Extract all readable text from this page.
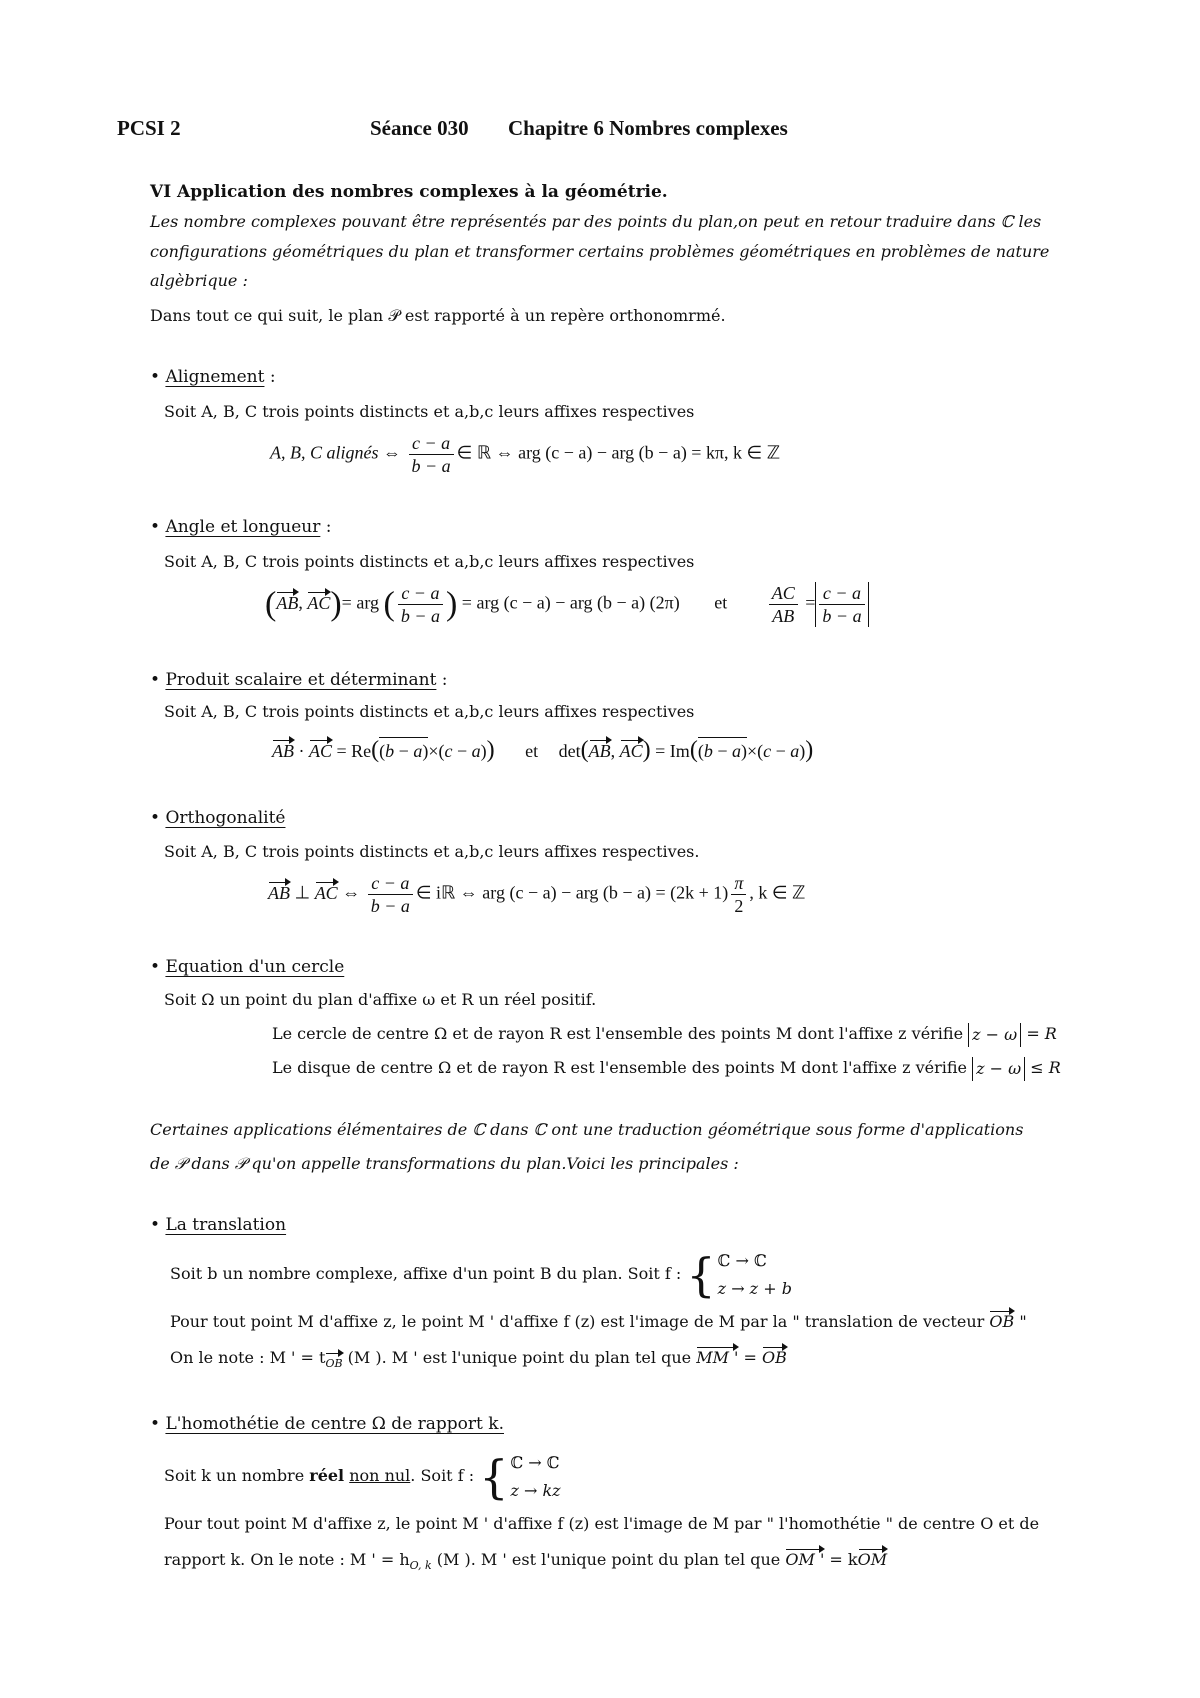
PCSI 2	Séance 030 Chapitre 6 Nombres complexes
VI Application des nombres complexes à la géométrie.
Les nombre complexes pouvant être représentés par des points du plan,on peut en retour traduire dans ℂ les
configurations géométriques du plan et transformer certains problèmes géométriques en problèmes de nature
algèbrique :
Dans tout ce qui suit, le plan 𝒫 est rapporté à un repère orthonomrmé.
• Alignement :
Soit A, B, C trois points distincts et a,b,c leurs affixes respectives
A, B, C alignés ⇔ $\frac{c - a}{b - a}$ ∈ ℝ ⇔ arg (c − a) − arg (b − a) = kπ, k ∈ ℤ
• Angle et longueur :
Soit A, B, C trois points distincts et a,b,c leurs affixes respectives
(AB, AC)= arg ( $\frac{c - a}{b - a}$ ) = arg (c − a) − arg (b − a) (2π) et $\frac{AC}{AB} = \frac{c - a}{b - a}$
• Produit scalaire et déterminant :
Soit A, B, C trois points distincts et a,b,c leurs affixes respectives
AB · AC = Re((b − a)×(c − a)) et det(AB, AC) = Im((b − a)×(c − a))
• Orthogonalité
Soit A, B, C trois points distincts et a,b,c leurs affixes respectives.
AB ⊥ AC ⇔ $\frac{c - a}{b - a}$ ∈ iℝ ⇔ arg (c − a) − arg $(b - a) = (2k + 1) \frac{\pi}{2}$ , k ∈ ℤ
• Equation d'un cercle
Soit Ω un point du plan d'affixe ω et R un réel positif.
Le cercle de centre Ω et de rayon R est l'ensemble des points M dont l'affixe z vérifie z − ω = R
Le disque de centre Ω et de rayon R est l'ensemble des points M dont l'affixe z vérifie z − ω ≤ R
Certaines applications élémentaires de ℂ dans ℂ ont une traduction géométrique sous forme d'applications
de 𝒫 dans 𝒫 qu'on appelle transformations du plan.Voici les principales :
• La translation
Soit b un nombre complexe, affixe d'un point B du plan. Soit f : { ℂ → ℂ
z → z + b
Pour tout point M d'affixe z, le point M ' d'affixe f (z) est l'image de M par la " translation de vecteur OB "
On le note : M ' = $t_{OB}$ (M ). M ' est l'unique point du plan tel que MM ' = OB
• L'homothétie de centre Ω de rapport k.
Soit k un nombre réel non nul. Soit f : { ℂ → ℂ
z → kz
Pour tout point M d'affixe z, le point M ' d'affixe f (z) est l'image de M par " l'homothétie " de centre O et de
rapport k. On le note : M ' = $h_{O, k}$ (M ). M ' est l'unique point du plan tel que OM ' = kOM
